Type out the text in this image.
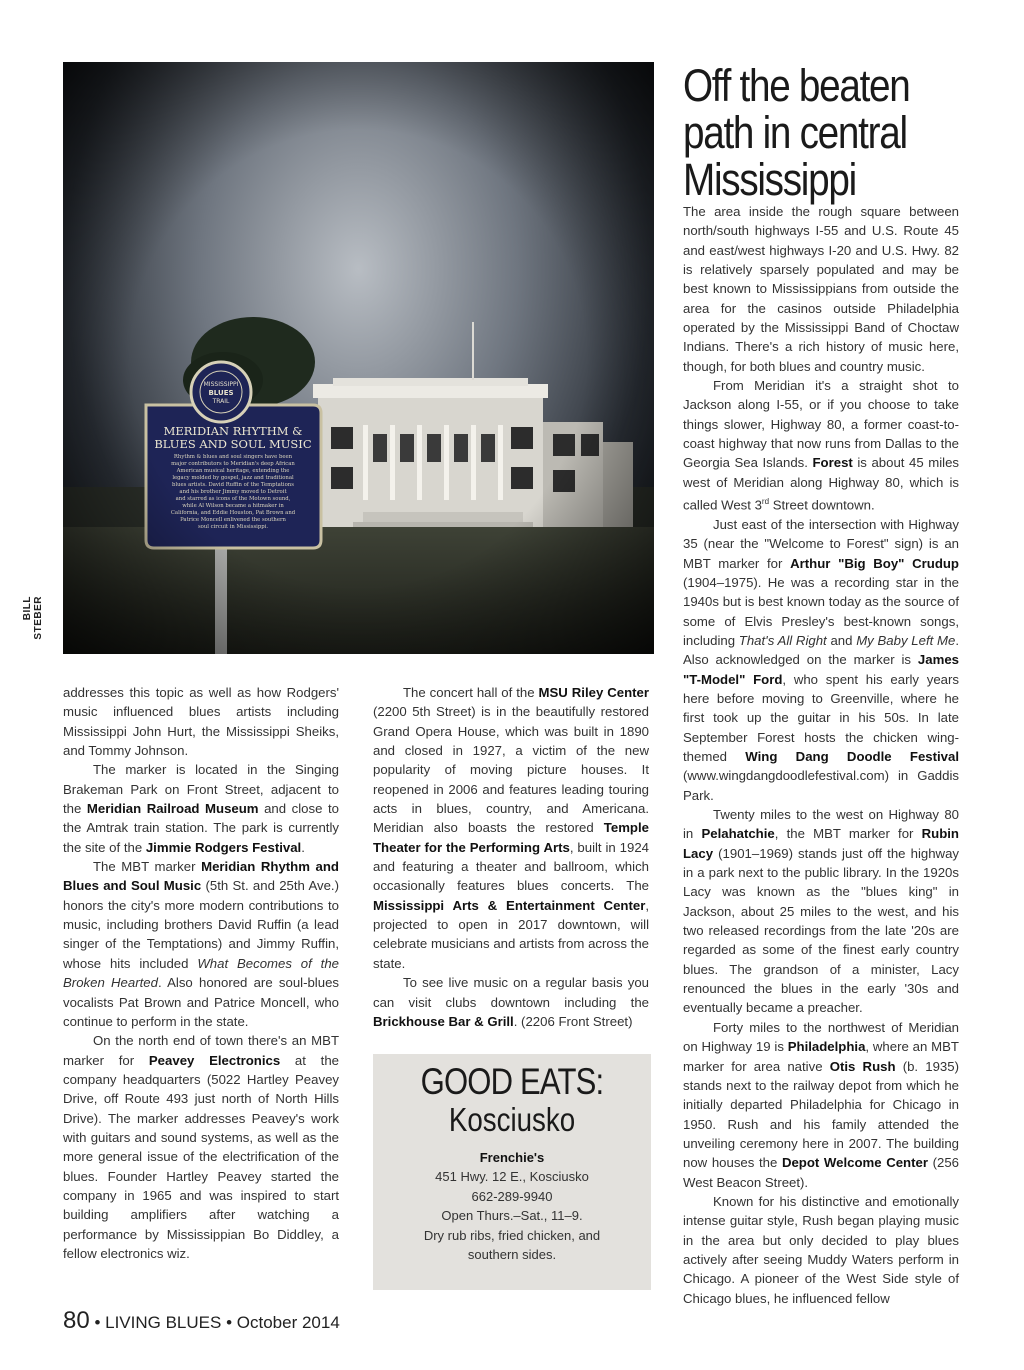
BILL STEBER
Off the beaten
path in central
Mississippi

addresses this topic as well as how Rodgers' music influenced blues artists including Mississippi John Hurt, the Mississippi Sheiks, and Tommy Johnson.

The marker is located in the Singing Brakeman Park on Front Street, adjacent to the Meridian Railroad Museum and close to the Amtrak train station. The park is currently the site of the Jimmie Rodgers Festival.

The MBT marker Meridian Rhythm and Blues and Soul Music (5th St. and 25th Ave.) honors the city's more modern contributions to music, including brothers David Ruffin (a lead singer of the Temptations) and Jimmy Ruffin, whose hits included What Becomes of the Broken Hearted. Also honored are soul-blues vocalists Pat Brown and Patrice Moncell, who continue to perform in the state.

On the north end of town there's an MBT marker for Peavey Electronics at the company headquarters (5022 Hartley Peavey Drive, off Route 493 just north of North Hills Drive). The marker addresses Peavey's work with guitars and sound systems, as well as the more general issue of the electrification of the blues. Founder Hartley Peavey started the company in 1965 and was inspired to start building amplifiers after watching a performance by Mississippian Bo Diddley, a fellow electronics wiz.

The concert hall of the MSU Riley Center (2200 5th Street) is in the beautifully restored Grand Opera House, which was built in 1890 and closed in 1927, a victim of the new popularity of moving picture houses. It reopened in 2006 and features leading touring acts in blues, country, and Americana. Meridian also boasts the restored Temple Theater for the Performing Arts, built in 1924 and featuring a theater and ballroom, which occasionally features blues concerts. The Mississippi Arts & Entertainment Center, projected to open in 2017 downtown, will celebrate musicians and artists from across the state.

To see live music on a regular basis you can visit clubs downtown including the Brickhouse Bar & Grill. (2206 Front Street)

GOOD EATS:
Kosciusko
Frenchie's
451 Hwy. 12 E., Kosciusko
662-289-9940
Open Thurs.–Sat., 11–9.
Dry rub ribs, fried chicken, and
southern sides.

The area inside the rough square between north/south highways I-55 and U.S. Route 45 and east/west highways I-20 and U.S. Hwy. 82 is relatively sparsely populated and may be best known to Mississippians from outside the area for the casinos outside Philadelphia operated by the Mississippi Band of Choctaw Indians. There's a rich history of music here, though, for both blues and country music.

From Meridian it's a straight shot to Jackson along I-55, or if you choose to take things slower, Highway 80, a former coast-to-coast highway that now runs from Dallas to the Georgia Sea Islands. Forest is about 45 miles west of Meridian along Highway 80, which is called West 3rd Street downtown.

Just east of the intersection with Highway 35 (near the "Welcome to Forest" sign) is an MBT marker for Arthur "Big Boy" Crudup (1904–1975). He was a recording star in the 1940s but is best known today as the source of some of Elvis Presley's best-known songs, including That's All Right and My Baby Left Me. Also acknowledged on the marker is James "T-Model" Ford, who spent his early years here before moving to Greenville, where he first took up the guitar in his 50s. In late September Forest hosts the chicken wing-themed Wing Dang Doodle Festival (www.wingdangdoodlefestival.com) in Gaddis Park.

Twenty miles to the west on Highway 80 in Pelahatchie, the MBT marker for Rubin Lacy (1901–1969) stands just off the highway in a park next to the public library. In the 1920s Lacy was known as the "blues king" in Jackson, about 25 miles to the west, and his two released recordings from the late '20s are regarded as some of the finest early country blues. The grandson of a minister, Lacy renounced the blues in the early '30s and eventually became a preacher.

Forty miles to the northwest of Meridian on Highway 19 is Philadelphia, where an MBT marker for area native Otis Rush (b. 1935) stands next to the railway depot from which he initially departed Philadelphia for Chicago in 1950. Rush and his family attended the unveiling ceremony here in 2007. The building now houses the Depot Welcome Center (256 West Beacon Street).

Known for his distinctive and emotionally intense guitar style, Rush began playing music in the area but only decided to play blues actively after seeing Muddy Waters perform in Chicago. A pioneer of the West Side style of Chicago blues, he influenced fellow

80 • LIVING BLUES • October 2014
